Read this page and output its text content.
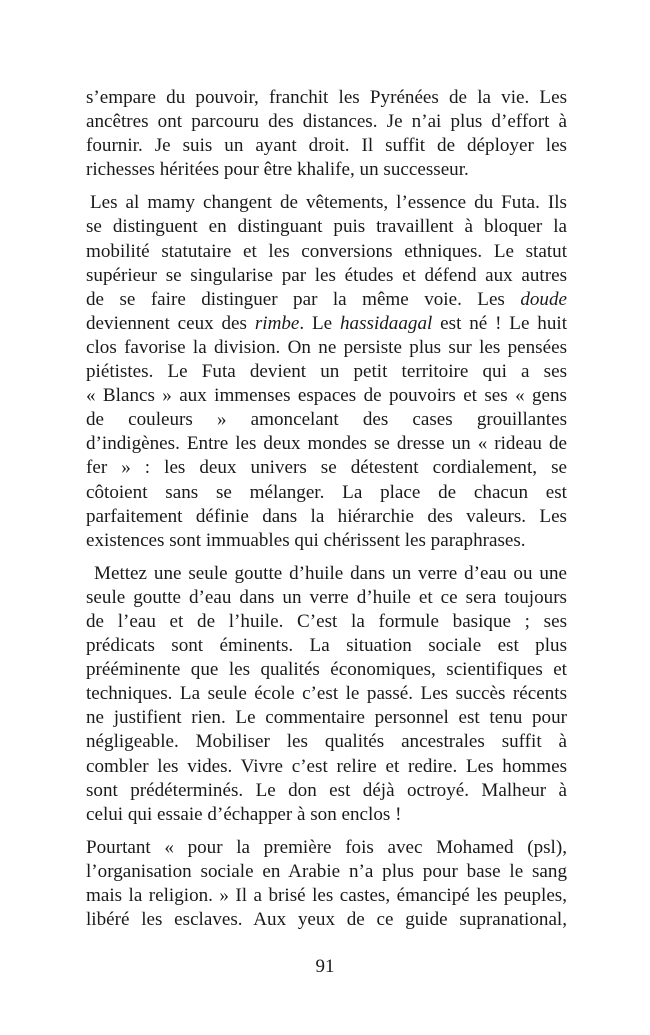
s’empare du pouvoir, franchit les Pyrénées de la vie. Les
ancêtres ont parcouru des distances. Je n’ai plus d’effort à
fournir. Je suis un ayant droit. Il suffit de déployer les
richesses héritées pour être khalife, un successeur.
Les al mamy changent de vêtements, l’essence du Futa. Ils
se distinguent en distinguant puis travaillent à bloquer la
mobilité statutaire et les conversions ethniques. Le statut
supérieur se singularise par les études et défend aux autres
de se faire distinguer par la même voie. Les doude
deviennent ceux des rimbe. Le hassidaagal est né ! Le huit
clos favorise la division. On ne persiste plus sur les pensées
piétistes. Le Futa devient un petit territoire qui a ses
« Blancs » aux immenses espaces de pouvoirs et ses « gens
de couleurs » amoncelant des cases grouillantes
d’indigènes. Entre les deux mondes se dresse un « rideau de
fer » : les deux univers se détestent cordialement, se
côtoient sans se mélanger. La place de chacun est
parfaitement définie dans la hiérarchie des valeurs. Les
existences sont immuables qui chérissent les paraphrases.
Mettez une seule goutte d’huile dans un verre d’eau ou une
seule goutte d’eau dans un verre d’huile et ce sera toujours
de l’eau et de l’huile. C’est la formule basique ; ses
prédicats sont éminents. La situation sociale est plus
prééminente que les qualités économiques, scientifiques et
techniques. La seule école c’est le passé. Les succès récents
ne justifient rien. Le commentaire personnel est tenu pour
négligeable. Mobiliser les qualités ancestrales suffit à
combler les vides. Vivre c’est relire et redire. Les hommes
sont prédéterminés. Le don est déjà octroyé. Malheur à
celui qui essaie d’échapper à son enclos !
Pourtant « pour la première fois avec Mohamed (psl),
l’organisation sociale en Arabie n’a plus pour base le sang
mais la religion. » Il a brisé les castes, émancipé les peuples,
libéré les esclaves. Aux yeux de ce guide supranational,
91
